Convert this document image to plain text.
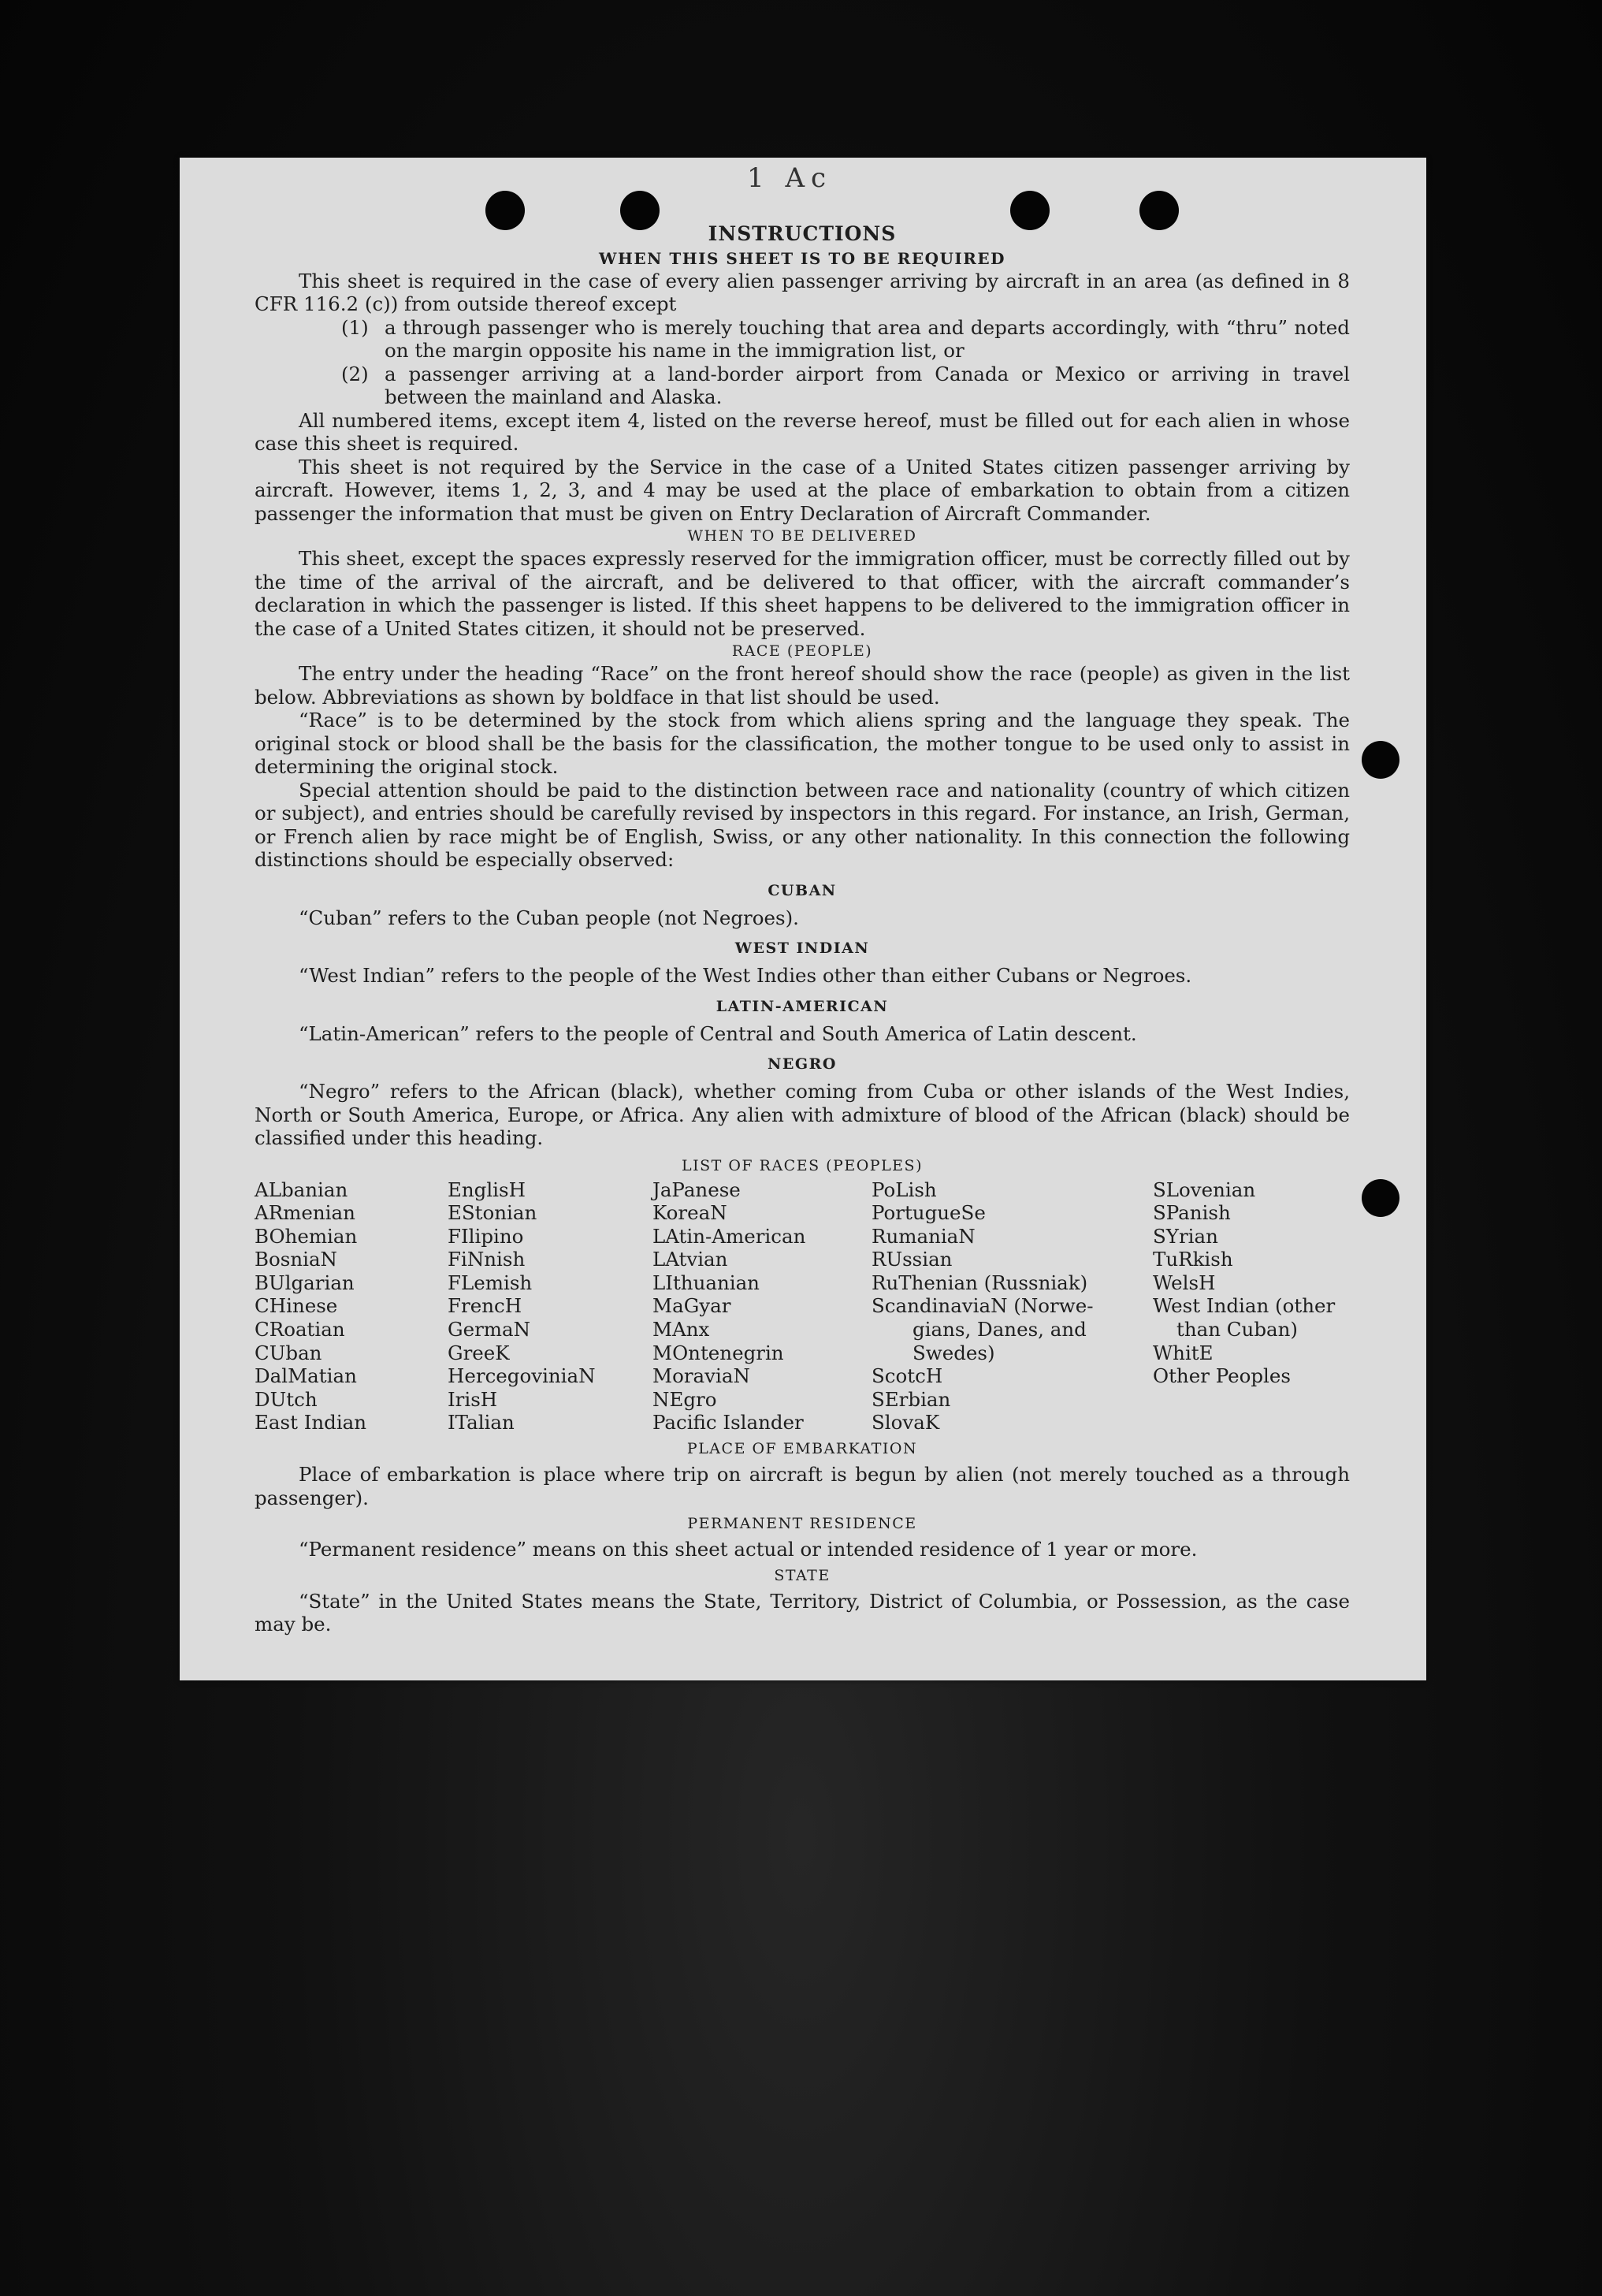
1 Ac
INSTRUCTIONS
WHEN THIS SHEET IS TO BE REQUIRED

This sheet is required in the case of every alien passenger arriving by aircraft in an area (as defined in 8 CFR 116.2 (c)) from outside thereof except

(1) a through passenger who is merely touching that area and departs accordingly, with “thru” noted on the margin opposite his name in the immigration list, or
(2) a passenger arriving at a land-border airport from Canada or Mexico or arriving in travel between the mainland and Alaska.

All numbered items, except item 4, listed on the reverse hereof, must be filled out for each alien in whose case this sheet is required.

This sheet is not required by the Service in the case of a United States citizen passenger arriving by aircraft. However, items 1, 2, 3, and 4 may be used at the place of embarkation to obtain from a citizen passenger the information that must be given on Entry Declaration of Aircraft Commander.

WHEN TO BE DELIVERED

This sheet, except the spaces expressly reserved for the immigration officer, must be correctly filled out by the time of the arrival of the aircraft, and be delivered to that officer, with the aircraft commander’s declaration in which the passenger is listed. If this sheet happens to be delivered to the immigration officer in the case of a United States citizen, it should not be preserved.

RACE (PEOPLE)

The entry under the heading “Race” on the front hereof should show the race (people) as given in the list below. Abbreviations as shown by boldface in that list should be used.

“Race” is to be determined by the stock from which aliens spring and the language they speak. The original stock or blood shall be the basis for the classification, the mother tongue to be used only to assist in determining the original stock.

Special attention should be paid to the distinction between race and nationality (country of which citizen or subject), and entries should be carefully revised by inspectors in this regard. For instance, an Irish, German, or French alien by race might be of English, Swiss, or any other nationality. In this connection the following distinctions should be especially observed:

CUBAN

“Cuban” refers to the Cuban people (not Negroes).

WEST INDIAN

“West Indian” refers to the people of the West Indies other than either Cubans or Negroes.

LATIN-AMERICAN

“Latin-American” refers to the people of Central and South America of Latin descent.

NEGRO

“Negro” refers to the African (black), whether coming from Cuba or other islands of the West Indies, North or South America, Europe, or Africa. Any alien with admixture of blood of the African (black) should be classified under this heading.

LIST OF RACES (PEOPLES)
ALbanian
ARmenian
BOhemian
BosniaN
BUlgarian
CHinese
CRoatian
CUban
DalMatian
DUtch
East Indian
EnglisH
EStonian
FIlipino
FiNnish
FLemish
FrencH
GermaN
GreeK
HercegoviniaN
IrisH
ITalian
JaPanese
KoreaN
LAtin-American
LAtvian
LIthuanian
MaGyar
MAnx
MOntenegrin
MoraviaN
NEgro
Pacific Islander
PoLish
PortugueSe
RumaniaN
RUssian
RuThenian (Russniak)
ScandinaviaN (Norwe-
gians, Danes, and
Swedes)
ScotcH
SErbian
SlovaK
SLovenian
SPanish
SYrian
TuRkish
WelsH
West Indian (other
than Cuban)
WhitE
Other Peoples
PLACE OF EMBARKATION

Place of embarkation is place where trip on aircraft is begun by alien (not merely touched as a through passenger).

PERMANENT RESIDENCE

“Permanent residence” means on this sheet actual or intended residence of 1 year or more.

STATE

“State” in the United States means the State, Territory, District of Columbia, or Possession, as the case may be.
